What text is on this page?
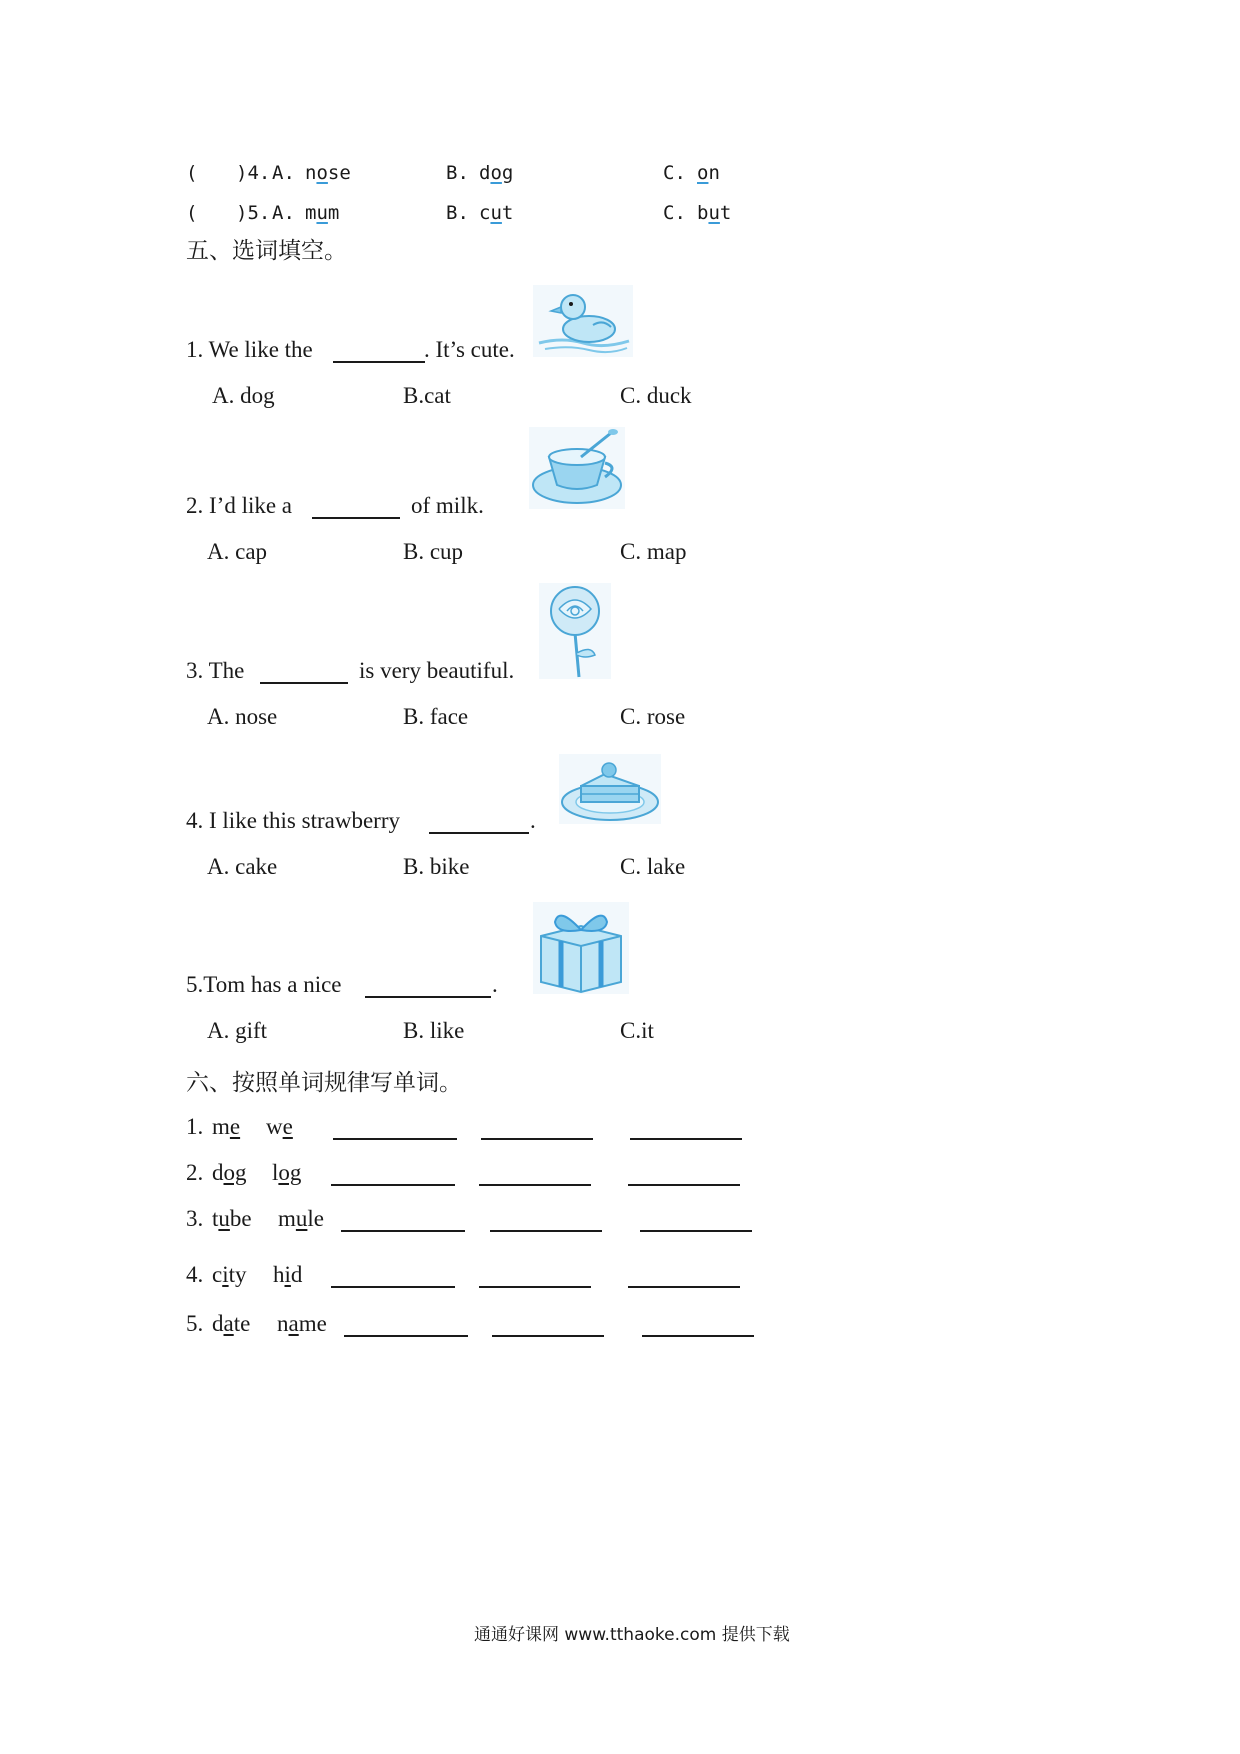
( )4. A. nose	B. dog	C. on
( )5. A. mum	B. cut	C. but
五、选词填空。
1. We like the	. It’s cute.
A. dog	B.cat	C. duck
2. I’d like a	of milk.
A. cap	B. cup	C. map
3. The	is very beautiful.
A. nose	B. face	C. rose
4. I like this strawberry	.
A. cake	B. bike	C. lake
5.Tom has a nice	.
A. gift	B. like	C.it
六、按照单词规律写单词。
1. me we
2. dog log
3. tube mule
4. city hid
5. date name
通通好课网 www.tthaoke.com 提供下载
